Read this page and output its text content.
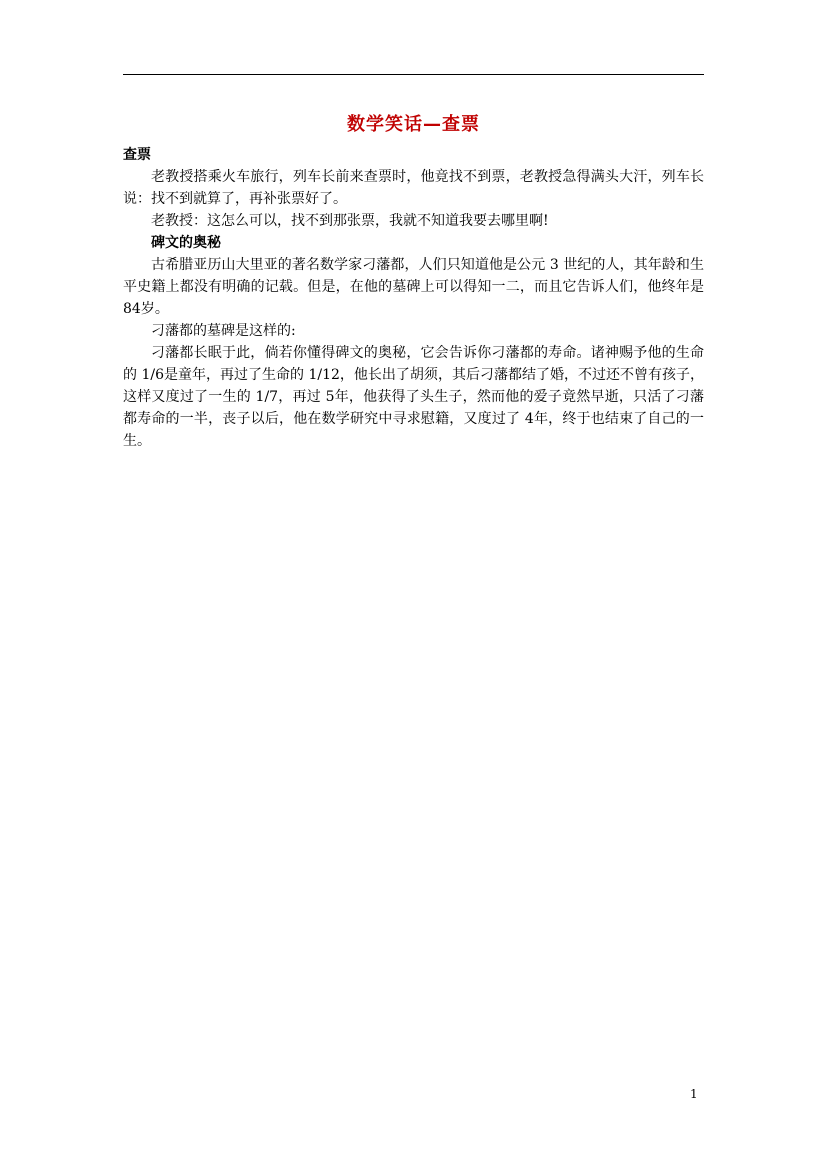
数学笑话—查票

查票

老教授搭乘火车旅行，列车长前来查票时，他竟找不到票，老教授急得满头大汗，列车长说：找不到就算了，再补张票好了。

老教授：这怎么可以，找不到那张票，我就不知道我要去哪里啊!

碑文的奥秘

古希腊亚历山大里亚的著名数学家刁藩都，人们只知道他是公元 3 世纪的人，其年龄和生平史籍上都没有明确的记载。但是，在他的墓碑上可以得知一二，而且它告诉人们，他终年是 84岁。

刁藩都的墓碑是这样的:

刁藩都长眠于此，倘若你懂得碑文的奥秘，它会告诉你刁藩都的寿命。诸神赐予他的生命的 1/6是童年，再过了生命的 1/12，他长出了胡须，其后刁藩都结了婚，不过还不曾有孩子，这样又度过了一生的 1/7，再过 5年，他获得了头生子，然而他的爱子竟然早逝，只活了刁藩都寿命的一半，丧子以后，他在数学研究中寻求慰籍，又度过了 4年，终于也结束了自己的一生。

1
